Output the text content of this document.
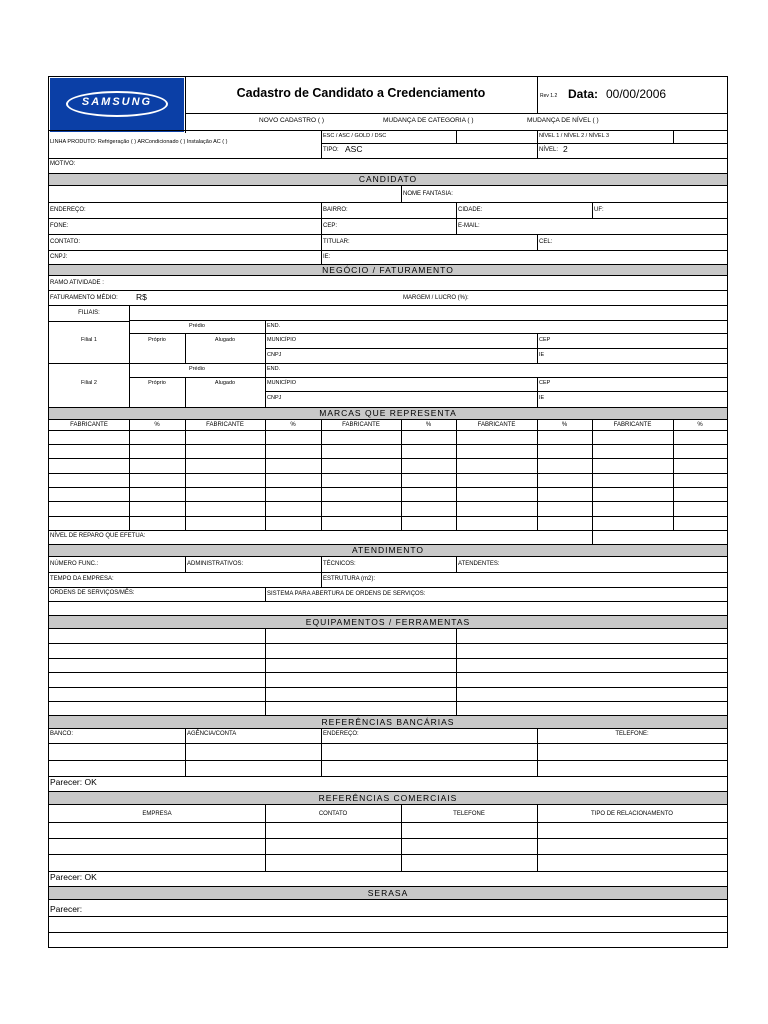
SAMSUNG
Cadastro de Candidato a Credenciamento	Rev 1.2 Data: 00/00/2006
NOVO CADASTRO ( )	MUDANÇA DE CATEGORIA ( )	MUDANÇA DE NÍVEL ( )
LINHA PRODUTO: Refrigeração ( ) ARCondicionado ( ) Instalação AC ( )
ESC / ASC / GOLD / DSC	NÍVEL 1 / NÍVEL 2 / NÍVEL 3
TIPO: ASC	NÍVEL: 2
MOTIVO:
CANDIDATO
NOME FANTASIA:
ENDEREÇO:	BAIRRO:	CIDADE:	UF:
FONE:	CEP:	E-MAIL:
CONTATO:	TITULAR:	CEL:
CNPJ:	IE:
NEGÓCIO / FATURAMENTO
RAMO ATIVIDADE :
FATURAMENTO MÉDIO: R$	MARGEM / LUCRO (%):
FILIAIS:
Prédio	END.
Próprio	Alugado	MUNICÍPIO	CEP
CNPJ	IE
Filial 1
Prédio	END.
Próprio	Alugado	MUNICÍPIO	CEP
CNPJ	IE
Filial 2
MARCAS QUE REPRESENTA
FABRICANTE	%	FABRICANTE	%	FABRICANTE	%	FABRICANTE	%	FABRICANTE	%
NÍVEL DE REPARO QUE EFETUA:
ATENDIMENTO
NÚMERO FUNC.:	ADMINISTRATIVOS:	TÉCNICOS:	ATENDENTES:
TEMPO DA EMPRESA:	ESTRUTURA (m2):
ORDENS DE SERVIÇOS/MÊS:	SISTEMA PARA ABERTURA DE ORDENS DE SERVIÇOS:
EQUIPAMENTOS / FERRAMENTAS
REFERÊNCIAS BANCÁRIAS
BANCO:	AGÊNCIA/CONTA	ENDEREÇO:	TELEFONE:
Parecer: OK
REFERÊNCIAS COMERCIAIS
EMPRESA	CONTATO	TELEFONE	TIPO DE RELACIONAMENTO
Parecer: OK
SERASA
Parecer:
